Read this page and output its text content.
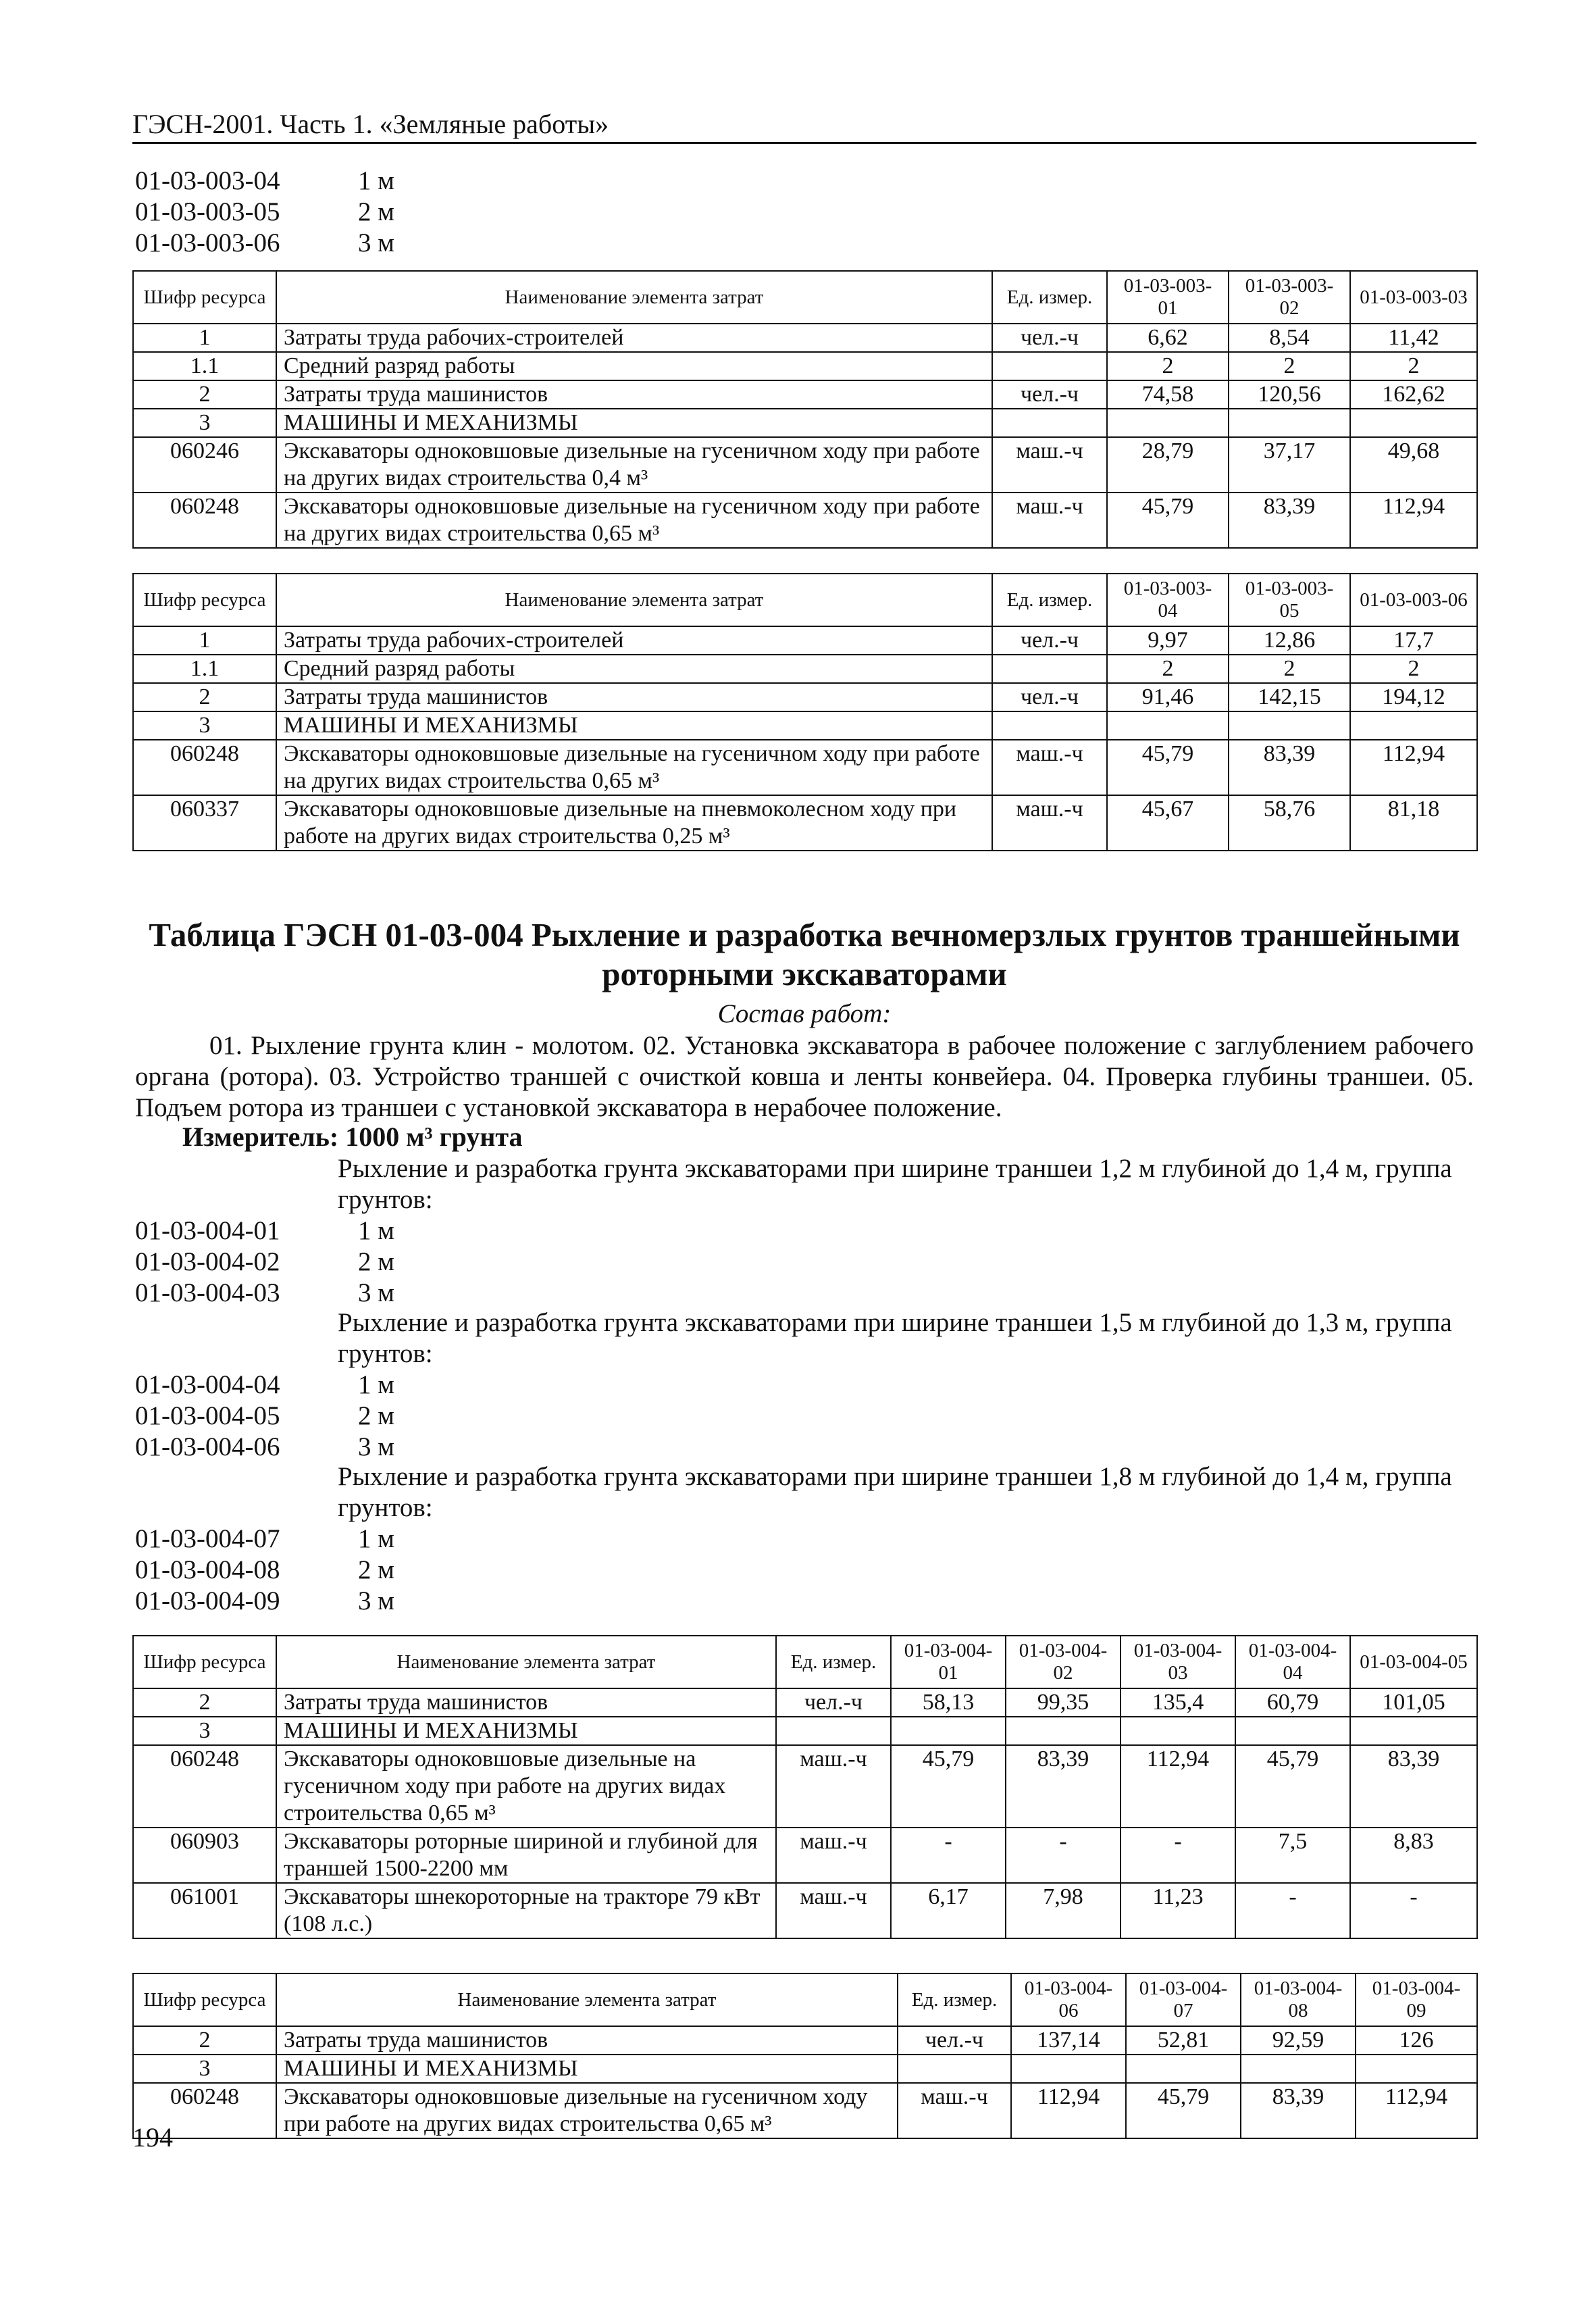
ГЭСН-2001. Часть 1. «Земляные работы»
01-03-003-04	1 м
01-03-003-05	2 м
01-03-003-06	3 м
Шифр ресурса	Наименование элемента затрат	Ед. измер.	01-03-003-01	01-03-003-02	01-03-003-03
1	Затраты труда рабочих-строителей	чел.-ч	6,62	8,54	11,42
1.1	Средний разряд работы		2	2	2
2	Затраты труда машинистов	чел.-ч	74,58	120,56	162,62
3	МАШИНЫ И МЕХАНИЗМЫ				
060246	Экскаваторы одноковшовые дизельные на гусеничном ходу при работе на других видах строительства 0,4 м³	маш.-ч	28,79	37,17	49,68
060248	Экскаваторы одноковшовые дизельные на гусеничном ходу при работе на других видах строительства 0,65 м³	маш.-ч	45,79	83,39	112,94
Шифр ресурса	Наименование элемента затрат	Ед. измер.	01-03-003-04	01-03-003-05	01-03-003-06
1	Затраты труда рабочих-строителей	чел.-ч	9,97	12,86	17,7
1.1	Средний разряд работы		2	2	2
2	Затраты труда машинистов	чел.-ч	91,46	142,15	194,12
3	МАШИНЫ И МЕХАНИЗМЫ				
060248	Экскаваторы одноковшовые дизельные на гусеничном ходу при работе на других видах строительства 0,65 м³	маш.-ч	45,79	83,39	112,94
060337	Экскаваторы одноковшовые дизельные на пневмоколесном ходу при работе на других видах строительства 0,25 м³	маш.-ч	45,67	58,76	81,18
Таблица ГЭСН 01-03-004 Рыхление и разработка вечномерзлых грунтов траншейными роторными экскаваторами
Состав работ:
01. Рыхление грунта клин - молотом. 02. Установка экскаватора в рабочее положение с заглублением рабочего органа (ротора). 03. Устройство траншей с очисткой ковша и ленты конвейера. 04. Проверка глубины траншеи. 05. Подъем ротора из траншеи с установкой экскаватора в нерабочее положение.
Измеритель: 1000 м³ грунта
Рыхление и разработка грунта экскаваторами при ширине траншеи 1,2 м глубиной до 1,4 м, группа грунтов:
01-03-004-01	1 м
01-03-004-02	2 м
01-03-004-03	3 м
Рыхление и разработка грунта экскаваторами при ширине траншеи 1,5 м глубиной до 1,3 м, группа грунтов:
01-03-004-04	1 м
01-03-004-05	2 м
01-03-004-06	3 м
Рыхление и разработка грунта экскаваторами при ширине траншеи 1,8 м глубиной до 1,4 м, группа грунтов:
01-03-004-07	1 м
01-03-004-08	2 м
01-03-004-09	3 м
Шифр ресурса	Наименование элемента затрат	Ед. измер.	01-03-004-01	01-03-004-02	01-03-004-03	01-03-004-04	01-03-004-05
2	Затраты труда машинистов	чел.-ч	58,13	99,35	135,4	60,79	101,05
3	МАШИНЫ И МЕХАНИЗМЫ						
060248	Экскаваторы одноковшовые дизельные на гусеничном ходу при работе на других видах строительства 0,65 м³	маш.-ч	45,79	83,39	112,94	45,79	83,39
060903	Экскаваторы роторные шириной и глубиной для траншей 1500-2200 мм	маш.-ч	-	-	-	7,5	8,83
061001	Экскаваторы шнекороторные на тракторе 79 кВт (108 л.с.)	маш.-ч	6,17	7,98	11,23	-	-
Шифр ресурса	Наименование элемента затрат	Ед. измер.	01-03-004-06	01-03-004-07	01-03-004-08	01-03-004-09
2	Затраты труда машинистов	чел.-ч	137,14	52,81	92,59	126
3	МАШИНЫ И МЕХАНИЗМЫ					
060248	Экскаваторы одноковшовые дизельные на гусеничном ходу при работе на других видах строительства 0,65 м³	маш.-ч	112,94	45,79	83,39	112,94
194
